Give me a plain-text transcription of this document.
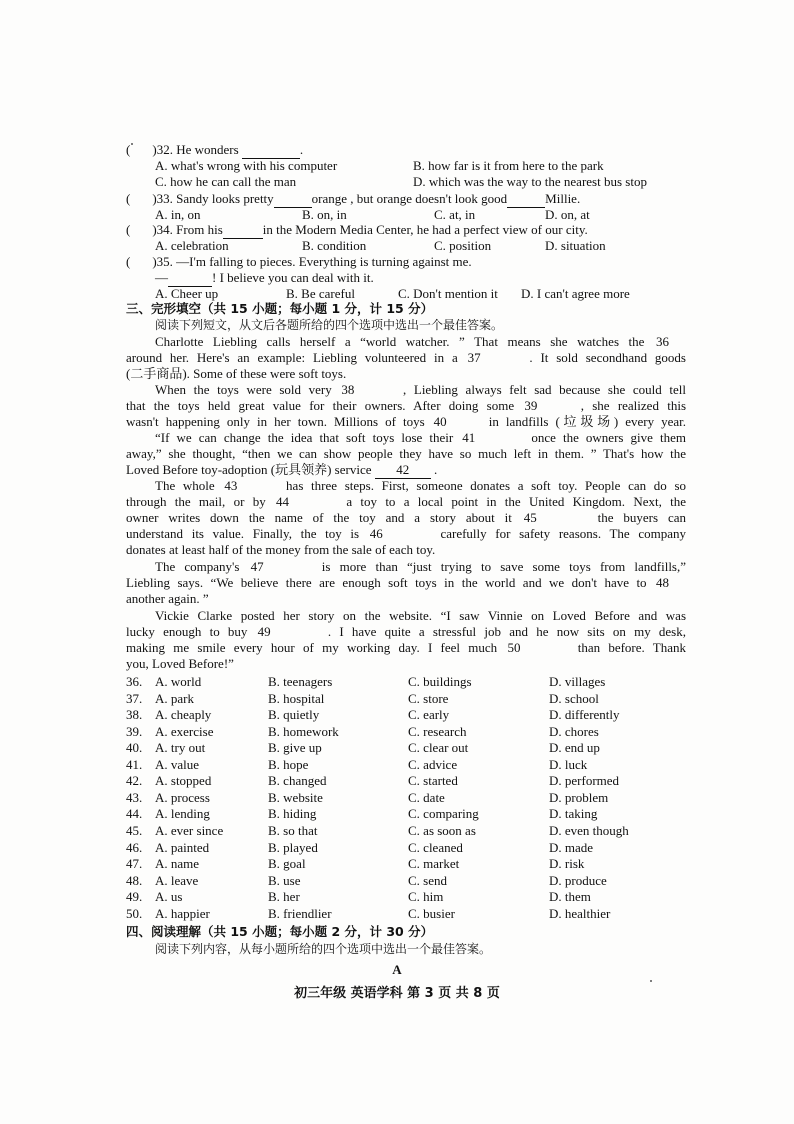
( )32. He wonders	.
A. what's wrong with his computer	B. how far is it from here to the park
C. how he can call the man	D. which was the way to the nearest bus stop
( )33. Sandy looks pretty	orange , but orange doesn't look good	Millie.
A. in, on	B. on, in	C. at, in	D. on, at
( )34. From his	in the Modern Media Center, he had a perfect view of our city.
A. celebration	B. condition	C. position	D. situation
( )35. —I'm falling to pieces. Everything is turning against me.
—	! I believe you can deal with it.
A. Cheer up	B. Be careful	C. Don't mention it D. I can't agree more
三、完形填空（共 15 小题；每小题 1 分，计 15 分）
阅读下列短文，从文后各题所给的四个选项中选出一个最佳答案。
Charlotte Liebling calls herself a “world watcher. ” That means she watches the 36
around her. Here's an example: Liebling volunteered in a 37	. It sold secondhand goods
(二手商品). Some of these were soft toys.
When the toys were sold very 38	, Liebling always felt sad because she could tell
that the toys held great value for their owners. After doing some 39	, she realized this
wasn't happening only in her town. Millions of toys 40	in landfills (垃圾场) every year.
“If we can change the idea that soft toys lose their 41	once the owners give them
away,” she thought, “then we can show people they have so much left in them. ” That's how the
Loved Before toy-adoption (玩具领养) service 42 .
The whole 43	has three steps. First, someone donates a soft toy. People can do so
through the mail, or by 44	a toy to a local point in the United Kingdom. Next, the
owner writes down the name of the toy and a story about it 45	the buyers can
understand its value. Finally, the toy is 46	carefully for safety reasons. The company
donates at least half of the money from the sale of each toy.
The company's 47	is more than “just trying to save some toys from landfills,”
Liebling says. “We believe there are enough soft toys in the world and we don't have to 48
another again. ”
Vickie Clarke posted her story on the website. “I saw Vinnie on Loved Before and was
lucky enough to buy 49	. I have quite a stressful job and he now sits on my desk,
making me smile every hour of my working day. I feel much 50	than before. Thank
you, Loved Before!”
36. A. world	B. teenagers	C. buildings	D. villages
37. A. park	B. hospital	C. store	D. school
38. A. cheaply	B. quietly	C. early	D. differently
39. A. exercise	B. homework	C. research	D. chores
40. A. try out	B. give up	C. clear out	D. end up
41. A. value	B. hope	C. advice	D. luck
42. A. stopped	B. changed	C. started	D. performed
43. A. process	B. website	C. date	D. problem
44. A. lending	B. hiding	C. comparing	D. taking
45. A. ever since	B. so that	C. as soon as	D. even though
46. A. painted	B. played	C. cleaned	D. made
47. A. name	B. goal	C. market	D. risk
48. A. leave	B. use	C. send	D. produce
49. A. us	B. her	C. him	D. them
50. A. happier	B. friendlier	C. busier	D. healthier
四、阅读理解（共 15 小题；每小题 2 分，计 30 分）
阅读下列内容，从每小题所给的四个选项中选出一个最佳答案。
A
初三年级 英语学科 第 3 页 共 8 页
